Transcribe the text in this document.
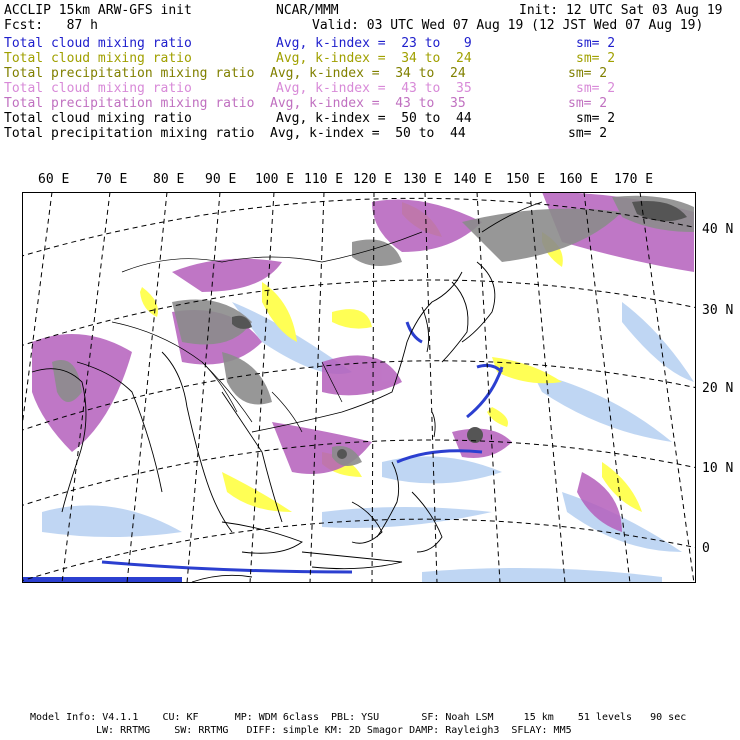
ACCLIP 15km ARW-GFS init	NCAR/MMM	Init: 12 UTC Sat 03 Aug 19
Fcst:   87 h	Valid: 03 UTC Wed 07 Aug 19 (12 JST Wed 07 Aug 19)
Total cloud mixing ratio	Avg, k-index =  23 to   9	sm= 2
Total cloud mixing ratio	Avg, k-index =  34 to  24	sm= 2
Total precipitation mixing ratio Avg, k-index =  34 to  24	sm= 2
Total cloud mixing ratio	Avg, k-index =  43 to  35	sm= 2
Total precipitation mixing ratio Avg, k-index =  43 to  35	sm= 2
Total cloud mixing ratio	Avg, k-index =  50 to  44	sm= 2
Total precipitation mixing ratio Avg, k-index =  50 to  44	sm= 2
60 E 70 E 80 E 90 E 100 E 110 E 120 E 130 E 140 E 150 E 160 E 170 E
40 N
30 N
20 N
10 N
0
Model Info: V4.1.1    CU: KF      MP: WDM 6class  PBL: YSU       SF: Noah LSM     15 km    51 levels   90 sec
LW: RRTMG    SW: RRTMG   DIFF: simple KM: 2D Smagor DAMP: Rayleigh3  SFLAY: MM5
